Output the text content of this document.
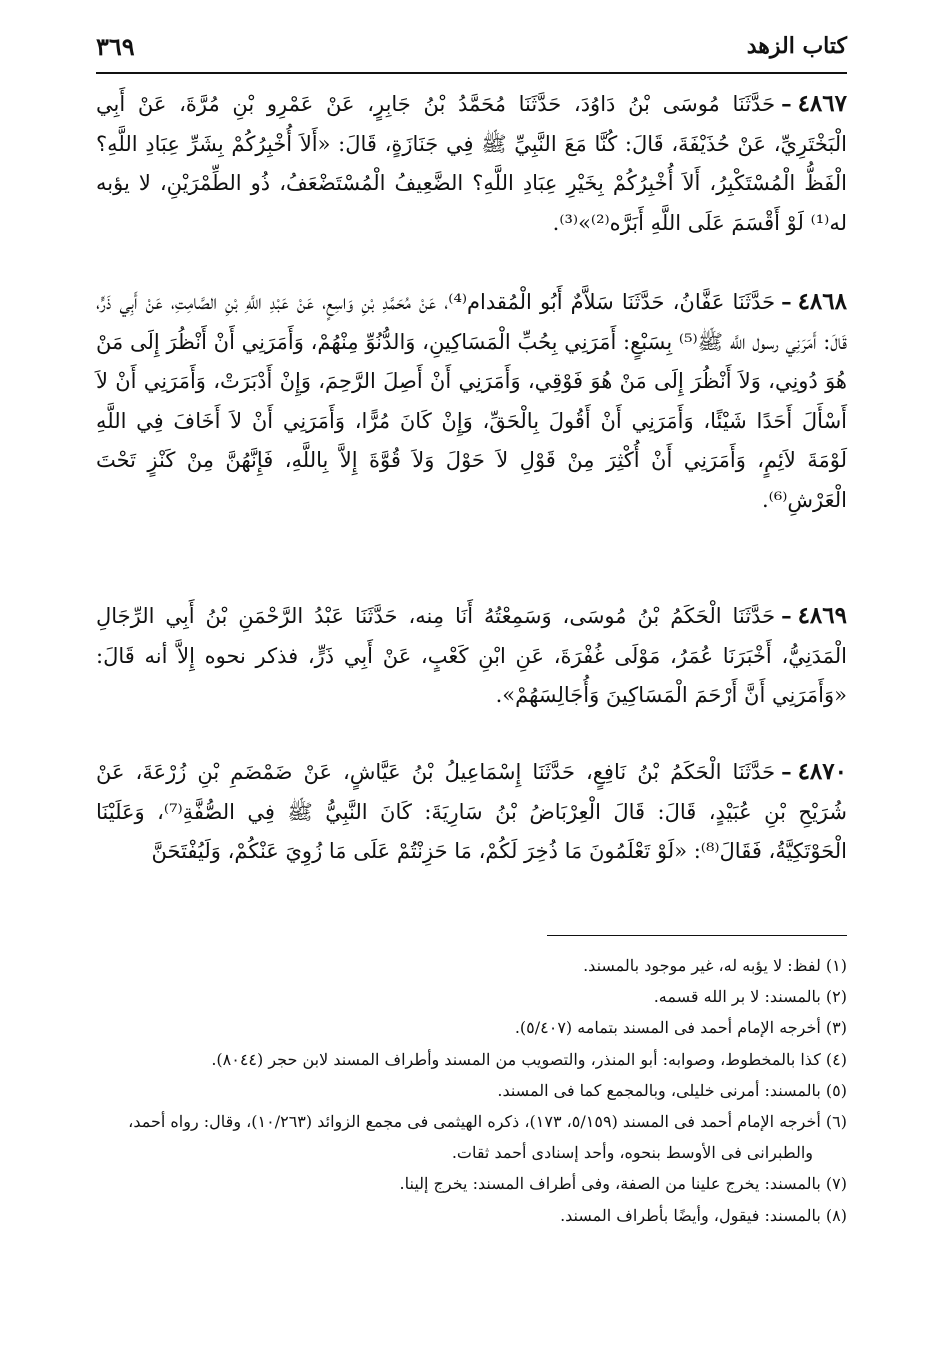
كتاب الزهد
٣٦٩

٤٨٦٧–حَدَّثَنَا مُوسَى بْنُ دَاوُدَ، حَدَّثَنَا مُحَمَّدُ بْنُ جَابِرٍ، عَنْ عَمْرِو بْنِ مُرَّةَ، عَنْ أَبِي الْبَخْتَرِيِّ، عَنْ حُذَيْفَةَ، قَالَ: كُنَّا مَعَ النَّبِيِّ ﷺ فِي جَنَازَةٍ، قَالَ: «أَلاَ أُخْبِرُكُمْ بِشَرِّ عِبَادِ اللَّهِ؟ الْفَظُّ الْمُسْتَكْبِرُ، أَلاَ أُخْبِرُكُمْ بِخَيْرِ عِبَادِ اللَّهِ؟ الضَّعِيفُ الْمُسْتَضْعَفُ، ذُو الطِّمْرَيْنِ، لا يؤبه له⁽¹⁾ لَوْ أَقْسَمَ عَلَى اللَّهِ أَبَرَّه⁽²⁾»⁽³⁾.

٤٨٦٨–حَدَّثَنَا عَفَّانُ، حَدَّثَنَا سَلاَّمٌ أَبُو الْمُقدام⁽⁴⁾، عَنْ مُحَمَّدِ بْنِ وَاسِعٍ، عَنْ عَبْدِ اللَّهِ بْنِ الصَّامِتِ، عَنْ أَبِي ذَرٍّ، قَالَ: أَمَرَنِي رسول اللَّه ﷺ⁽⁵⁾ بِسَبْعٍ: أَمَرَنِي بِحُبِّ الْمَسَاكِينِ، وَالدُّنُوِّ مِنْهُمْ، وَأَمَرَنِي أَنْ أَنْظُرَ إِلَى مَنْ هُوَ دُونِي، وَلاَ أَنْظُرَ إِلَى مَنْ هُوَ فَوْقِي، وَأَمَرَنِي أَنْ أَصِلَ الرَّحِمَ، وَإِنْ أَدْبَرَتْ، وَأَمَرَنِي أَنْ لاَ أَسْأَلَ أَحَدًا شَيْئًا، وَأَمَرَنِي أَنْ أَقُولَ بِالْحَقِّ، وَإِنْ كَانَ مُرًّا، وَأَمَرَنِي أَنْ لاَ أَخَافَ فِي اللَّهِ لَوْمَةَ لاَئِمٍ، وَأَمَرَنِي أَنْ أُكْثِرَ مِنْ قَوْلِ لاَ حَوْلَ وَلاَ قُوَّةَ إِلاَّ بِاللَّهِ، فَإِنَّهُنَّ مِنْ كَنْزٍ تَحْتَ الْعَرْشِ⁽⁶⁾.

٤٨٦٩–حَدَّثَنَا الْحَكَمُ بْنُ مُوسَى، وَسَمِعْتُهُ أَنَا مِنه، حَدَّثَنَا عَبْدُ الرَّحْمَنِ بْنُ أَبِي الرِّجَالِ الْمَدَنِيُّ، أَخْبَرَنَا عُمَرُ، مَوْلَى غُفْرَةَ، عَنِ ابْنِ كَعْبٍ، عَنْ أَبِي ذَرٍّ، فذكر نحوه إِلاَّ أنه قَالَ: «وَأَمَرَنِي أَنَّ أَرْحَمَ الْمَسَاكِينَ وَأُجَالِسَهُمْ».

٤٨٧٠–حَدَّثَنَا الْحَكَمُ بْنُ نَافِعٍ، حَدَّثَنَا إِسْمَاعِيلُ بْنُ عَيَّاشٍ، عَنْ ضَمْضَمِ بْنِ زُرْعَةَ، عَنْ شُرَيْحِ بْنِ عُبَيْدٍ، قَالَ: قَالَ الْعِرْبَاضُ بْنُ سَارِيَةَ: كَانَ النَّبِيُّ ﷺ فِي الصُّفَّةِ⁽⁷⁾، وَعَلَيْنَا الْحَوْتَكِيَّةُ، فَقَالَ⁽⁸⁾: «لَوْ تَعْلَمُونَ مَا ذُخِرَ لَكُمْ، مَا حَزِنْتُمْ عَلَى مَا زُوِيَ عَنْكُمْ، وَلَيُفْتَحَنَّ

(١) لفظ: لا يؤبه له، غير موجود بالمسند.

(٢) بالمسند: لا بر الله قسمه.

(٣) أخرجه الإمام أحمد فى المسند بتمامه (٥/٤٠٧).

(٤) كذا بالمخطوط، وصوابه: أبو المنذر، والتصويب من المسند وأطراف المسند لابن حجر (٨٠٤٤).

(٥) بالمسند: أمرنى خليلى، وبالمجمع كما فى المسند.

(٦) أخرجه الإمام أحمد فى المسند (٥/١٥٩، ١٧٣)، ذكره الهيثمى فى مجمع الزوائد (١٠/٢٦٣)، وقال: رواه أحمد، والطبرانى فى الأوسط بنحوه، وأحد إسنادى أحمد ثقات.

(٧) بالمسند: يخرج علينا من الصفة، وفى أطراف المسند: يخرج إلينا.

(٨) بالمسند: فيقول، وأيضًا بأطراف المسند.
